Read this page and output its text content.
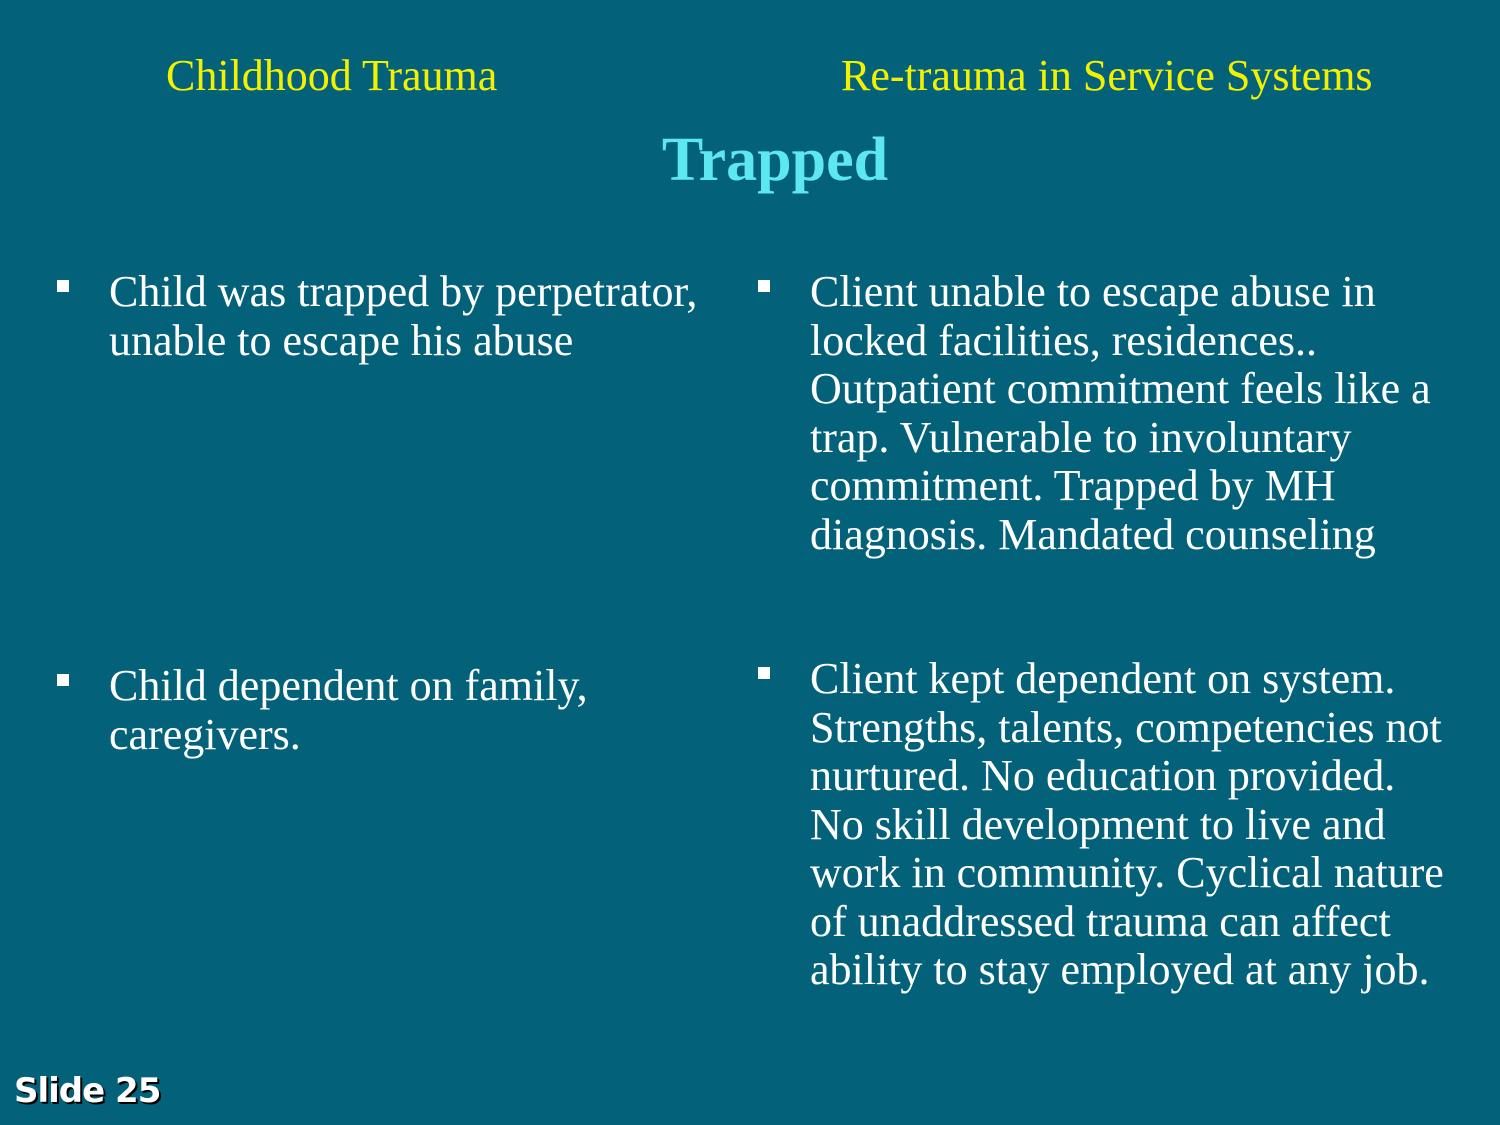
Childhood Trauma	Re-trauma in Service Systems
Trapped
Child was trapped by perpetrator, unable to escape his abuse
Child dependent on family, caregivers.
Client unable to escape abuse in locked facilities, residences.. Outpatient commitment feels like a trap. Vulnerable to involuntary commitment. Trapped by MH diagnosis. Mandated counseling
Client kept dependent on system. Strengths, talents, competencies not nurtured. No education provided. No skill development to live and work in community. Cyclical nature of unaddressed trauma can affect ability to stay employed at any job.
Slide 25
